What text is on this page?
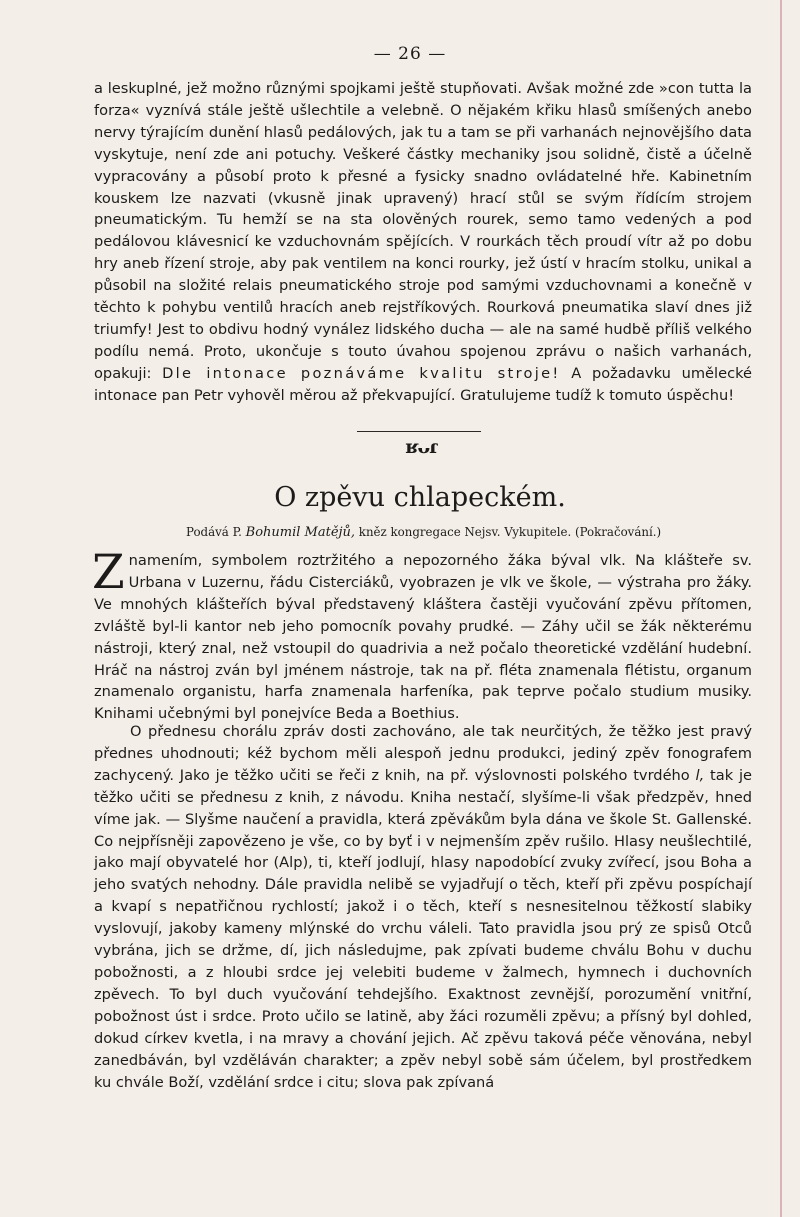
— 26 —

a leskuplné, jež možno různými spojkami ještě stupňovati. Avšak možné zde »con tutta la forza« vyznívá stále ještě ušlechtile a velebně. O nějakém křiku hlasů smíšených anebo nervy týrajícím dunění hlasů pedálových, jak tu a tam se při varhanách nejnovějšího data vyskytuje, není zde ani potuchy. Veškeré částky mechaniky jsou solidně, čistě a účelně vypracovány a působí proto k přesné a fysicky snadno ovládatelné hře. Kabinetním kouskem lze nazvati (vkusně jinak upravený) hrací stůl se svým řídícím strojem pneumatickým. Tu hemží se na sta olověných rourek, semo tamo vedených a pod pedálovou klávesnicí ke vzduchovnám spějících. V rourkách těch proudí vítr až po dobu hry aneb řízení stroje, aby pak ventilem na konci rourky, jež ústí v hracím stolku, unikal a působil na složité relais pneumatického stroje pod samými vzduchovnami a konečně v těchto k pohybu ventilů hracích aneb rejstříkových. Rourková pneumatika slaví dnes již triumfy! Jest to obdivu hodný vynález lidského ducha — ale na samé hudbě příliš velkého podílu nemá. Proto, ukončuje s touto úvahou spojenou zprávu o našich varhanách, opakuji: Dle intonace poznáváme kvalitu stroje! A požadavku umělecké intonace pan Petr vyhověl měrou až překvapující. Gratulujeme tudíž k tomuto úspěchu!

ʁᴗɾ
O zpěvu chlapeckém.
Podává P. Bohumil Matějů, kněz kongregace Nejsv. Vykupitele. (Pokračování.)

Znamením, symbolem roztržitého a nepozorného žáka býval vlk. Na klášteře sv. Urbana v Luzernu, řádu Cisterciáků, vyobrazen je vlk ve škole, — výstraha pro žáky. Ve mnohých klášteřích býval představený kláštera častěji vyučování zpěvu přítomen, zvláště byl-li kantor neb jeho pomocník povahy prudké. — Záhy učil se žák některému nástroji, který znal, než vstoupil do quadrivia a než počalo theoretické vzdělání hudební. Hráč na nástroj zván byl jménem nástroje, tak na př. fléta znamenala flétistu, organum znamenalo organistu, harfa znamenala harfeníka, pak teprve počalo studium musiky. Knihami učebnými byl ponejvíce Beda a Boethius.

O přednesu chorálu zpráv dosti zachováno, ale tak neurčitých, že těžko jest pravý přednes uhodnouti; kéž bychom měli alespoň jednu produkci, jediný zpěv fonografem zachycený. Jako je těžko učiti se řeči z knih, na př. výslovnosti polského tvrdého l, tak je těžko učiti se přednesu z knih, z návodu. Kniha nestačí, slyšíme-li však předzpěv, hned víme jak. — Slyšme naučení a pravidla, která zpěvákům byla dána ve škole St. Gallenské. Co nejpřísněji zapovězeno je vše, co by byť i v nejmenším zpěv rušilo. Hlasy neušlechtilé, jako mají obyvatelé hor (Alp), ti, kteří jodlují, hlasy napodobící zvuky zvířecí, jsou Boha a jeho svatých nehodny. Dále pravidla nelibě se vyjadřují o těch, kteří při zpěvu pospíchají a kvapí s nepatřičnou rychlostí; jakož i o těch, kteří s nesnesitelnou těžkostí slabiky vyslovují, jakoby kameny mlýnské do vrchu váleli. Tato pravidla jsou prý ze spisů Otců vybrána, jich se držme, dí, jich následujme, pak zpívati budeme chválu Bohu v duchu pobožnosti, a z hloubi srdce jej velebiti budeme v žalmech, hymnech i duchovních zpěvech. To byl duch vyučování tehdejšího. Exaktnost zevnější, porozumění vnitřní, pobožnost úst i srdce. Proto učilo se latině, aby žáci rozuměli zpěvu; a přísný byl dohled, dokud církev kvetla, i na mravy a chování jejich. Ač zpěvu taková péče věnována, nebyl zanedbáván, byl vzděláván charakter; a zpěv nebyl sobě sám účelem, byl prostředkem ku chvále Boží, vzdělání srdce i citu; slova pak zpívaná
